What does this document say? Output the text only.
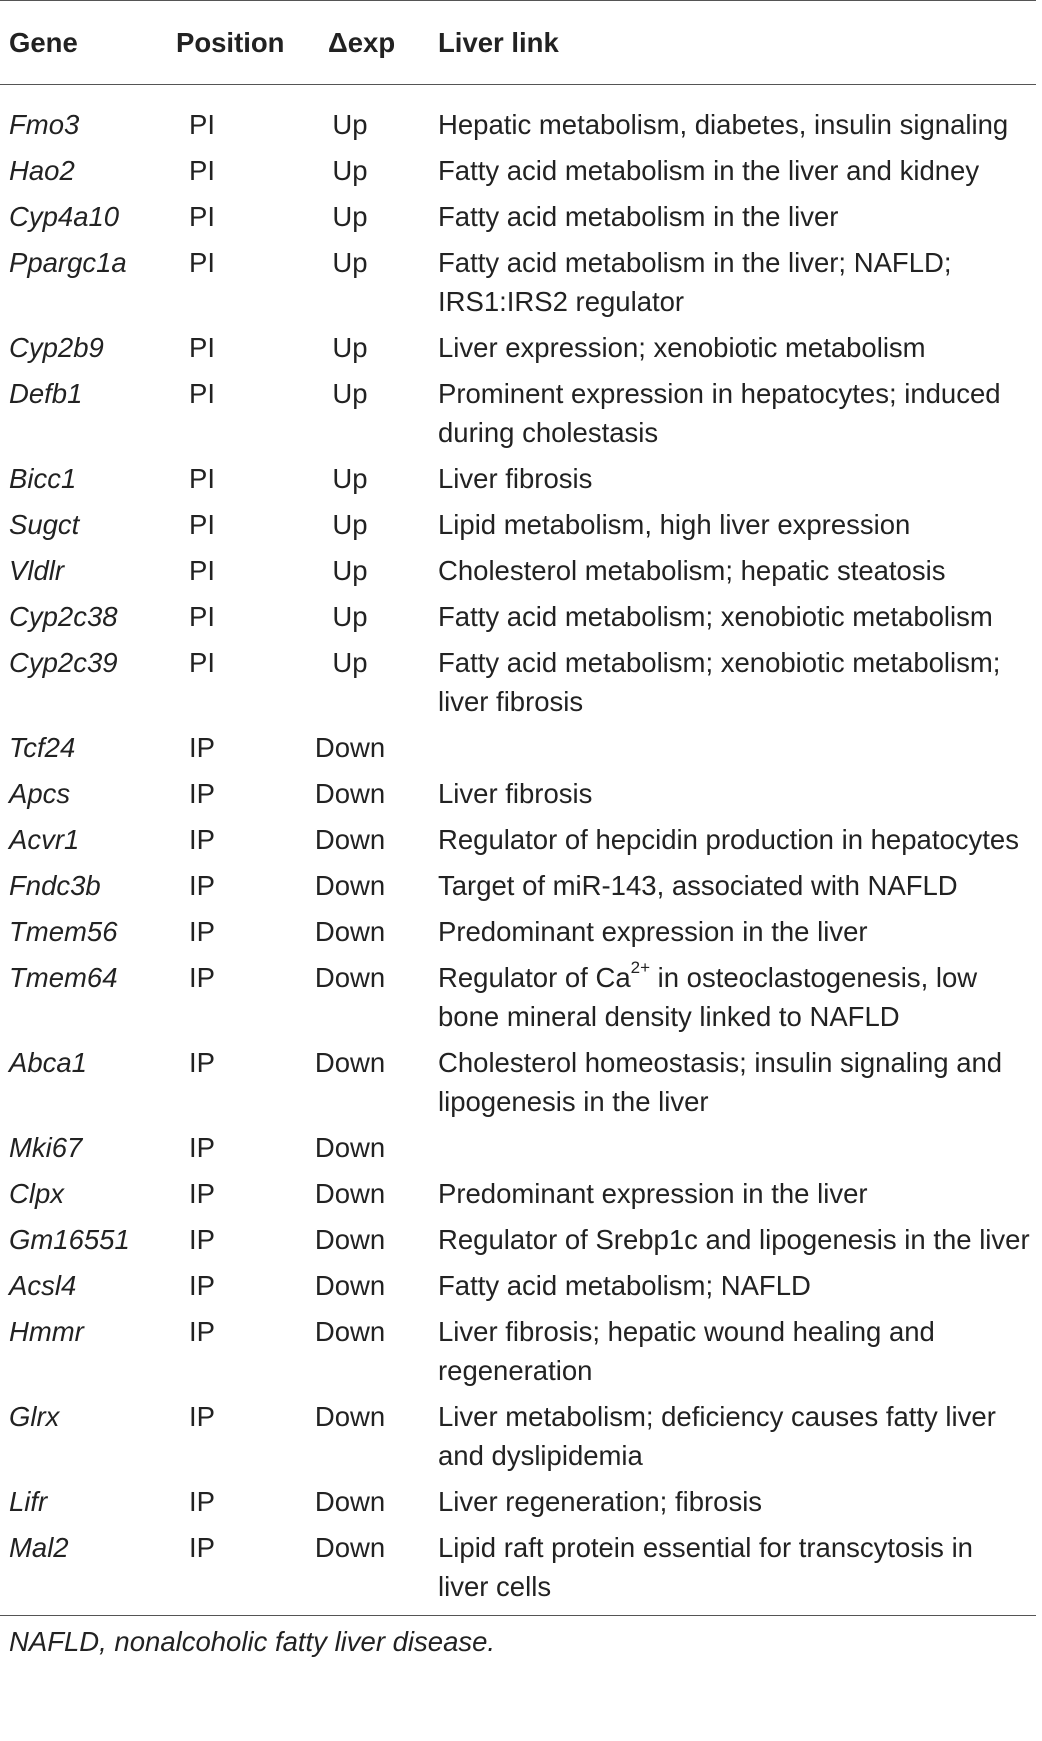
Gene	Position	Δexp	Liver link
Fmo3	PI	Up	Hepatic metabolism, diabetes, insulin signaling
Hao2	PI	Up	Fatty acid metabolism in the liver and kidney
Cyp4a10	PI	Up	Fatty acid metabolism in the liver
Ppargc1a	PI	Up	Fatty acid metabolism in the liver; NAFLD; IRS1:IRS2 regulator
Cyp2b9	PI	Up	Liver expression; xenobiotic metabolism
Defb1	PI	Up	Prominent expression in hepatocytes; induced during cholestasis
Bicc1	PI	Up	Liver fibrosis
Sugct	PI	Up	Lipid metabolism, high liver expression
Vldlr	PI	Up	Cholesterol metabolism; hepatic steatosis
Cyp2c38	PI	Up	Fatty acid metabolism; xenobiotic metabolism
Cyp2c39	PI	Up	Fatty acid metabolism; xenobiotic metabolism; liver fibrosis
Tcf24	IP	Down	
Apcs	IP	Down	Liver fibrosis
Acvr1	IP	Down	Regulator of hepcidin production in hepatocytes
Fndc3b	IP	Down	Target of miR-143, associated with NAFLD
Tmem56	IP	Down	Predominant expression in the liver
Tmem64	IP	Down	Regulator of $Ca^{2+}$ in osteoclastogenesis, low bone mineral density linked to NAFLD
Abca1	IP	Down	Cholesterol homeostasis; insulin signaling and lipogenesis in the liver
Mki67	IP	Down	
Clpx	IP	Down	Predominant expression in the liver
Gm16551	IP	Down	Regulator of Srebp1c and lipogenesis in the liver
Acsl4	IP	Down	Fatty acid metabolism; NAFLD
Hmmr	IP	Down	Liver fibrosis; hepatic wound healing and regeneration
Glrx	IP	Down	Liver metabolism; deficiency causes fatty liver and dyslipidemia
Lifr	IP	Down	Liver regeneration; fibrosis
Mal2	IP	Down	Lipid raft protein essential for transcytosis in liver cells
NAFLD, nonalcoholic fatty liver disease.			
